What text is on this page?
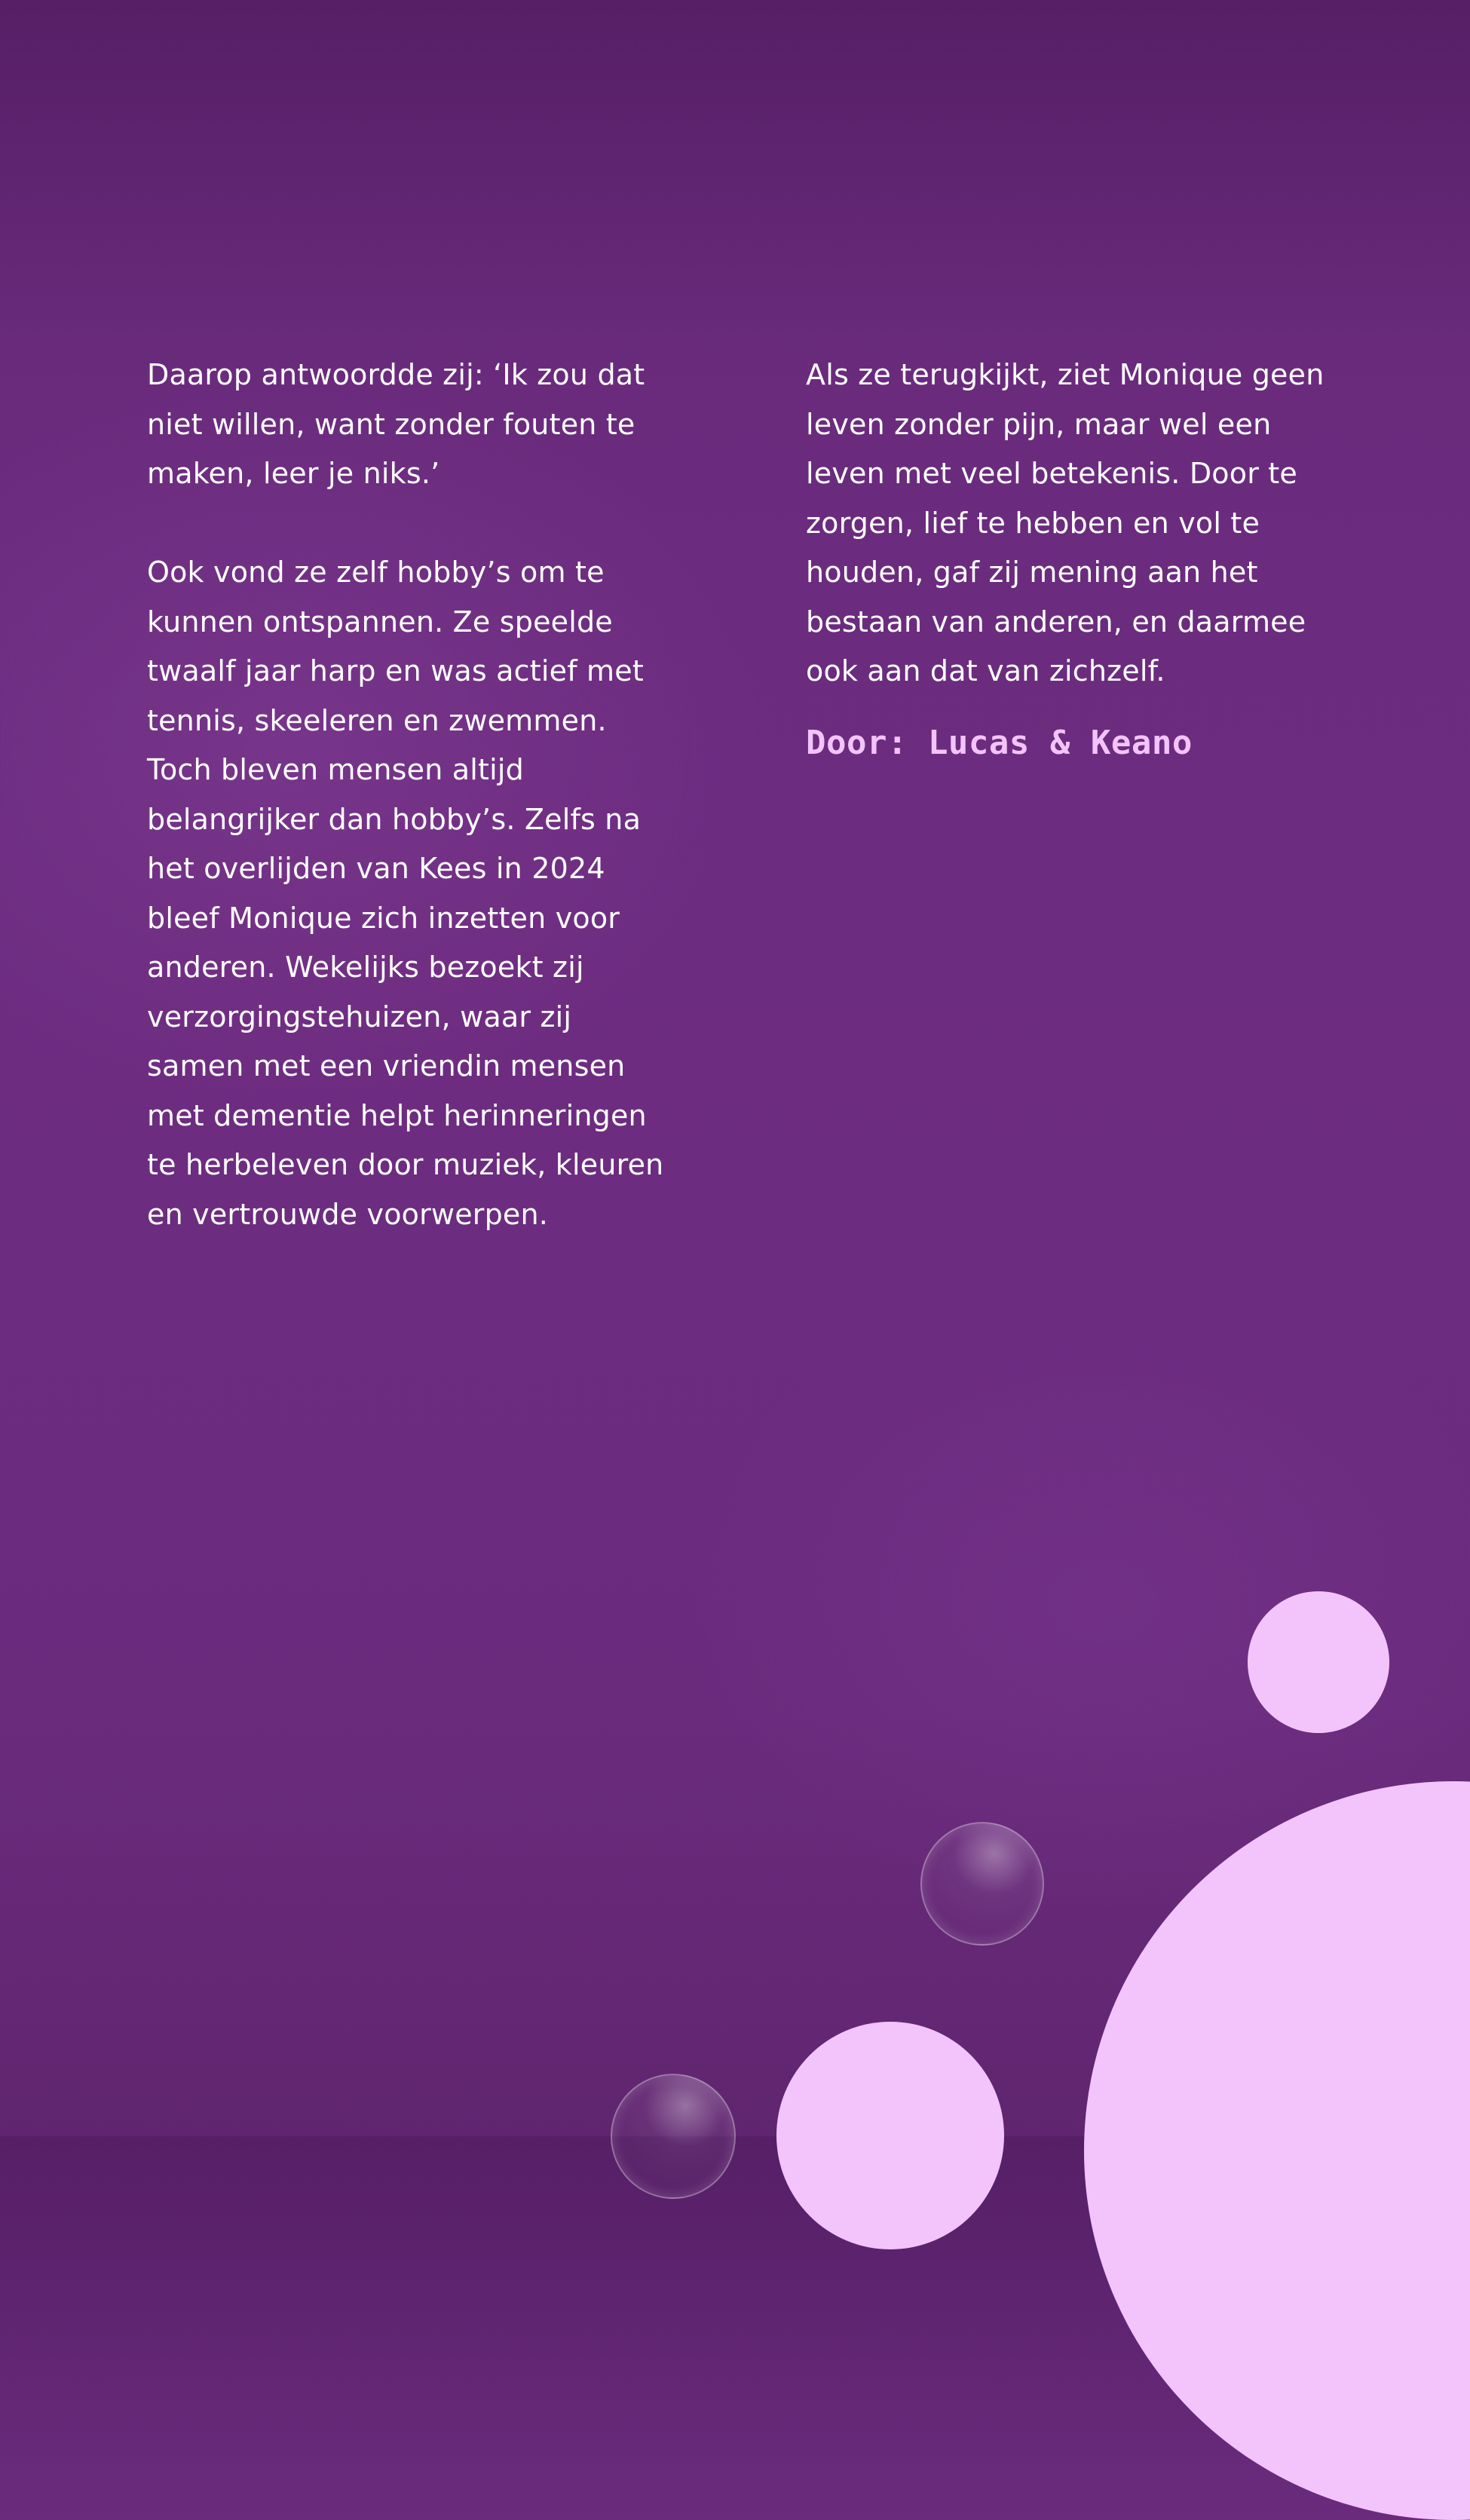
Daarop antwoordde zij: ‘Ik zou dat niet willen, want zonder fouten te maken, leer je niks.’

Ook vond ze zelf hobby’s om te kunnen ontspannen. Ze speelde twaalf jaar harp en was actief met tennis, skeeleren en zwemmen. Toch bleven mensen altijd belangrijker dan hobby’s. Zelfs na het overlijden van Kees in 2024 bleef Monique zich inzetten voor anderen. Wekelijks bezoekt zij verzorgingstehuizen, waar zij samen met een vriendin mensen met dementie helpt herinneringen te herbeleven door muziek, kleuren en vertrouwde voorwerpen.

Als ze terugkijkt, ziet Monique geen leven zonder pijn, maar wel een leven met veel betekenis. Door te zorgen, lief te hebben en vol te houden, gaf zij mening aan het bestaan van anderen, en daarmee ook aan dat van zichzelf.

Door: Lucas & Keano
